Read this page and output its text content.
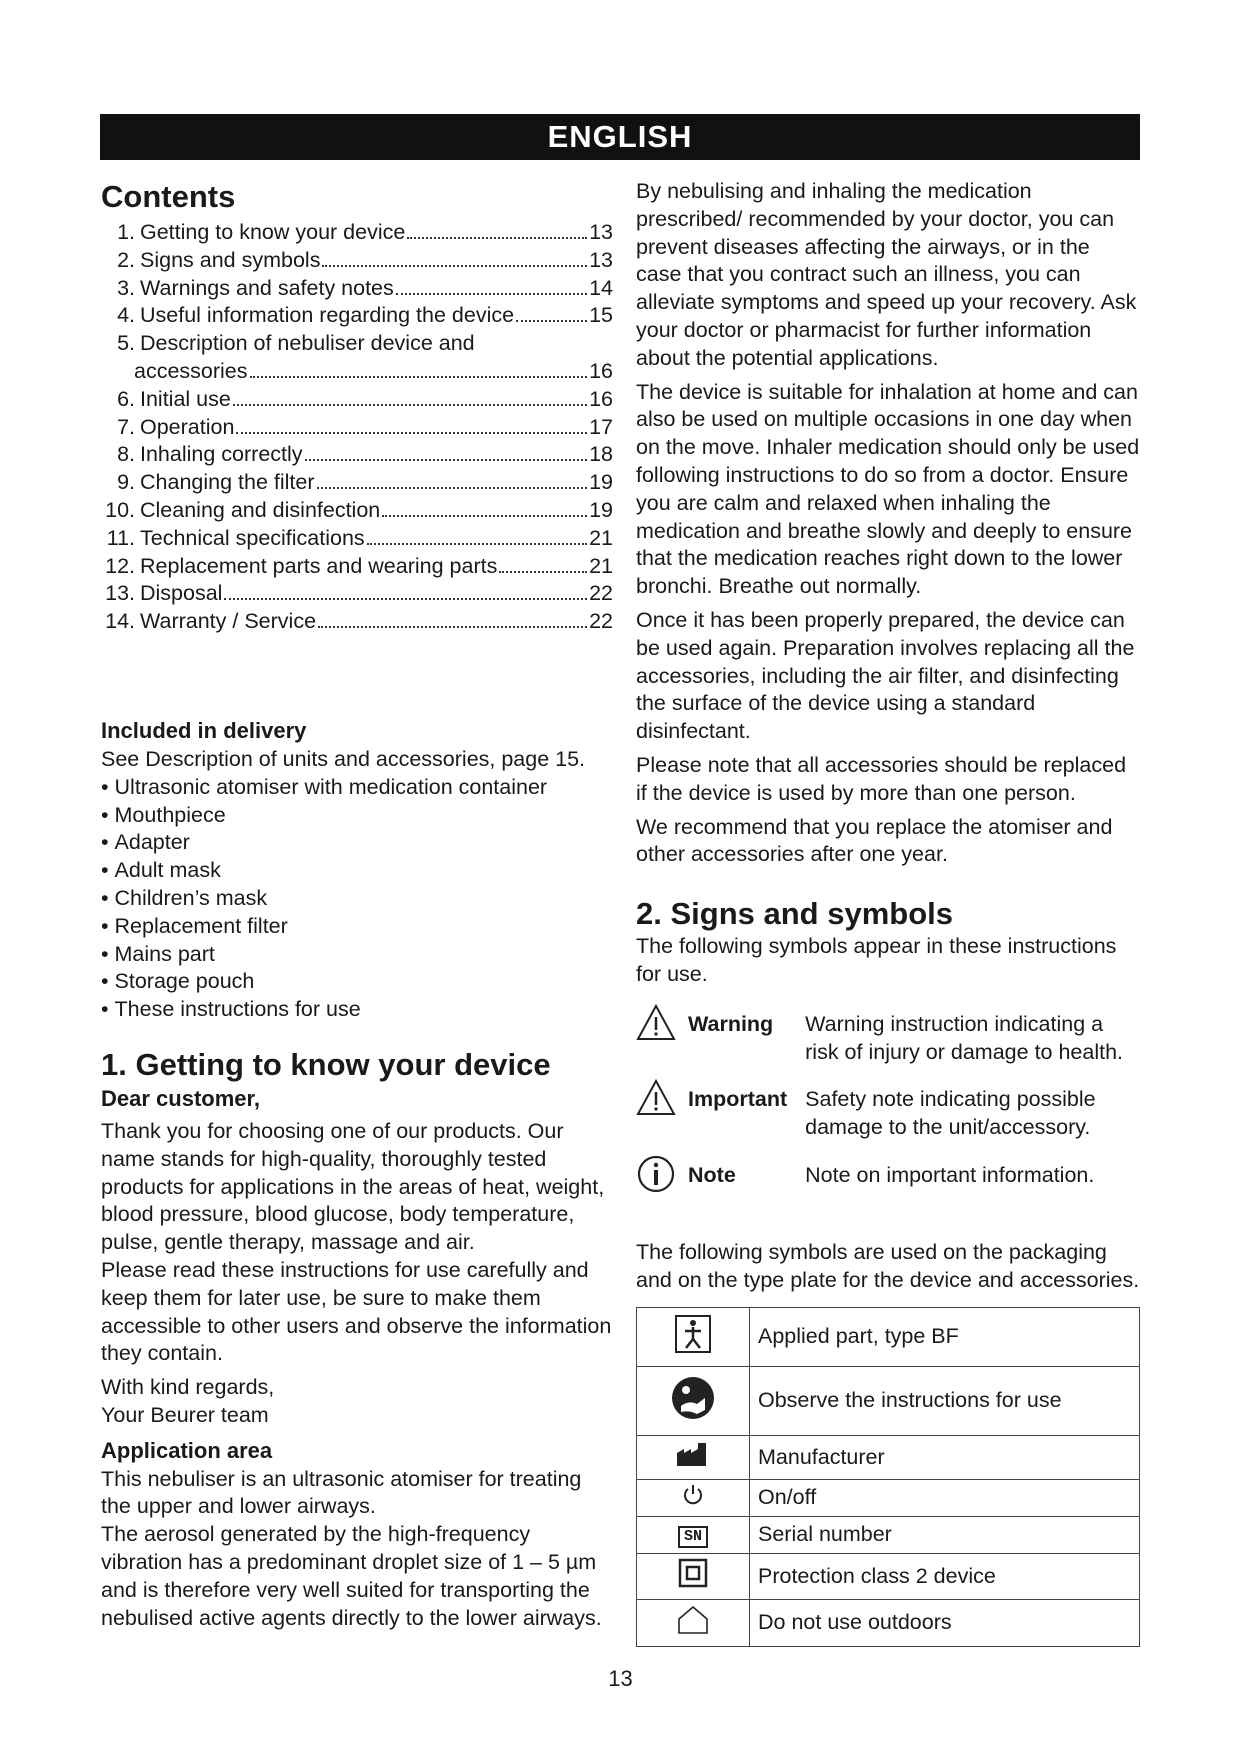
ENGLISH
Contents
1. Getting to know your device	13
2. Signs and symbols	13
3. Warnings and safety notes	14
4. Useful information regarding the device	15
5. Description of nebuliser device and
accessories	16
6. Initial use	16
7. Operation	17
8. Inhaling correctly	18
9. Changing the filter	19
10. Cleaning and disinfection	19
11. Technical specifications	21
12. Replacement parts and wearing parts	21
13. Disposal	22
14. Warranty / Service	22
Included in delivery

See Description of units and accessories, page 15.

• Ultrasonic atomiser with medication container
• Mouthpiece
• Adapter
• Adult mask
• Children’s mask
• Replacement filter
• Mains part
• Storage pouch
• These instructions for use
1. Getting to know your device
Dear customer,

Thank you for choosing one of our products. Our name stands for high-quality, thoroughly tested products for applications in the areas of heat, weight, blood pressure, blood glucose, body temperature, pulse, gentle therapy, massage and air.

Please read these instructions for use carefully and keep them for later use, be sure to make them accessible to other users and observe the information they contain.

With kind regards,

Your Beurer team

Application area

This nebuliser is an ultrasonic atomiser for treating the upper and lower airways.

The aerosol generated by the high-frequency vibration has a predominant droplet size of 1 – 5 µm and is therefore very well suited for transporting the nebulised active agents directly to the lower airways.

By nebulising and inhaling the medication prescribed/ recommended by your doctor, you can prevent diseases affecting the airways, or in the case that you contract such an illness, you can alleviate symptoms and speed up your recovery. Ask your doctor or pharmacist for further information about the potential applications.

The device is suitable for inhalation at home and can also be used on multiple occasions in one day when on the move. Inhaler medication should only be used following instructions to do so from a doctor. Ensure you are calm and relaxed when inhaling the medication and breathe slowly and deeply to ensure that the medication reaches right down to the lower bronchi. Breathe out normally.

Once it has been properly prepared, the device can be used again. Preparation involves replacing all the accessories, including the air filter, and disinfecting the surface of the device using a standard disinfectant.

Please note that all accessories should be replaced if the device is used by more than one person.

We recommend that you replace the atomiser and other accessories after one year.

2. Signs and symbols

The following symbols appear in these instructions for use.

Warning	Warning instruction indicating a risk of injury or damage to health.
Important Safety note indicating possible damage to the unit/accessory.
Note	Note on important information.

The following symbols are used on the packaging and on the type plate for the device and accessories.

	Applied part, type BF
	Observe the instructions for use
	Manufacturer
	On/off
SN	Serial number
	Protection class 2 device
	Do not use outdoors
13
